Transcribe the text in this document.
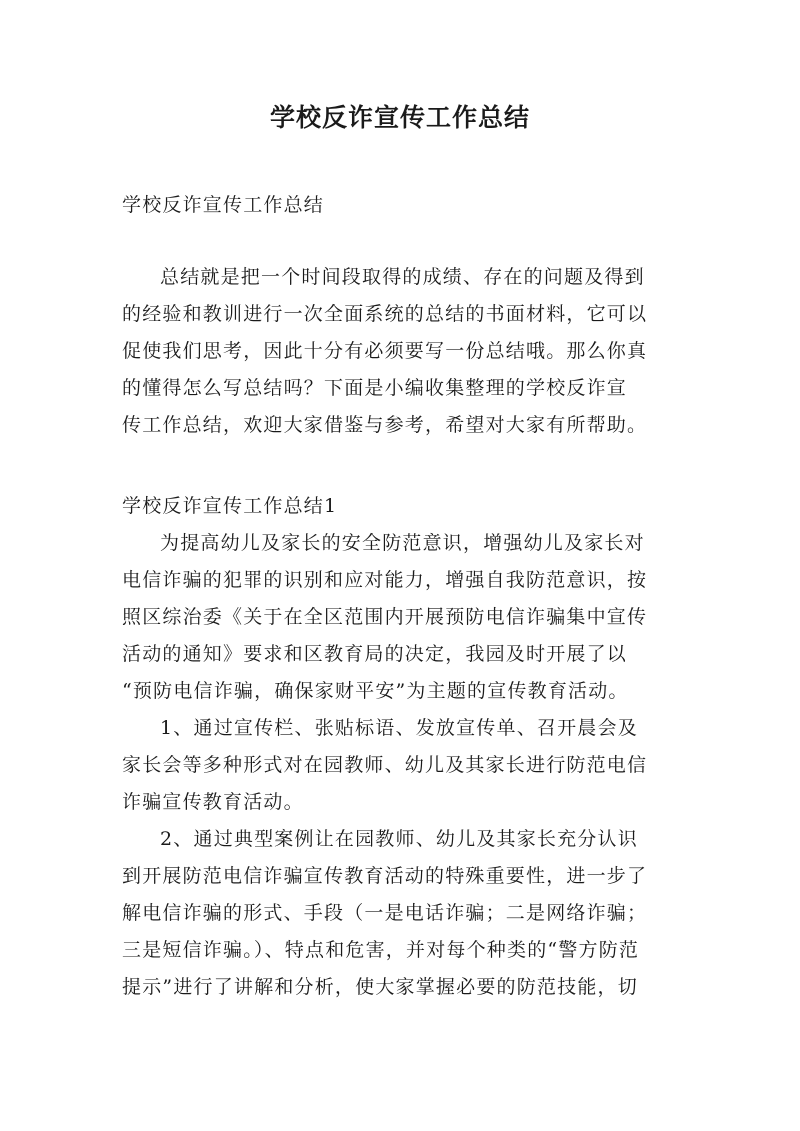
学校反诈宣传工作总结

学校反诈宣传工作总结

总结就是把一个时间段取得的成绩、存在的问题及得到

的经验和教训进行一次全面系统的总结的书面材料，它可以

促使我们思考，因此十分有必须要写一份总结哦。那么你真

的懂得怎么写总结吗？下面是小编收集整理的学校反诈宣

传工作总结，欢迎大家借鉴与参考，希望对大家有所帮助。

学校反诈宣传工作总结1

为提高幼儿及家长的安全防范意识，增强幼儿及家长对

电信诈骗的犯罪的识别和应对能力，增强自我防范意识，按

照区综治委《关于在全区范围内开展预防电信诈骗集中宣传

活动的通知》要求和区教育局的决定，我园及时开展了以

“预防电信诈骗，确保家财平安”为主题的宣传教育活动。

1、通过宣传栏、张贴标语、发放宣传单、召开晨会及

家长会等多种形式对在园教师、幼儿及其家长进行防范电信

诈骗宣传教育活动。

2、通过典型案例让在园教师、幼儿及其家长充分认识

到开展防范电信诈骗宣传教育活动的特殊重要性，进一步了

解电信诈骗的形式、手段（一是电话诈骗；二是网络诈骗；

三是短信诈骗。）、特点和危害，并对每个种类的“警方防范

提示”进行了讲解和分析，使大家掌握必要的防范技能，切
